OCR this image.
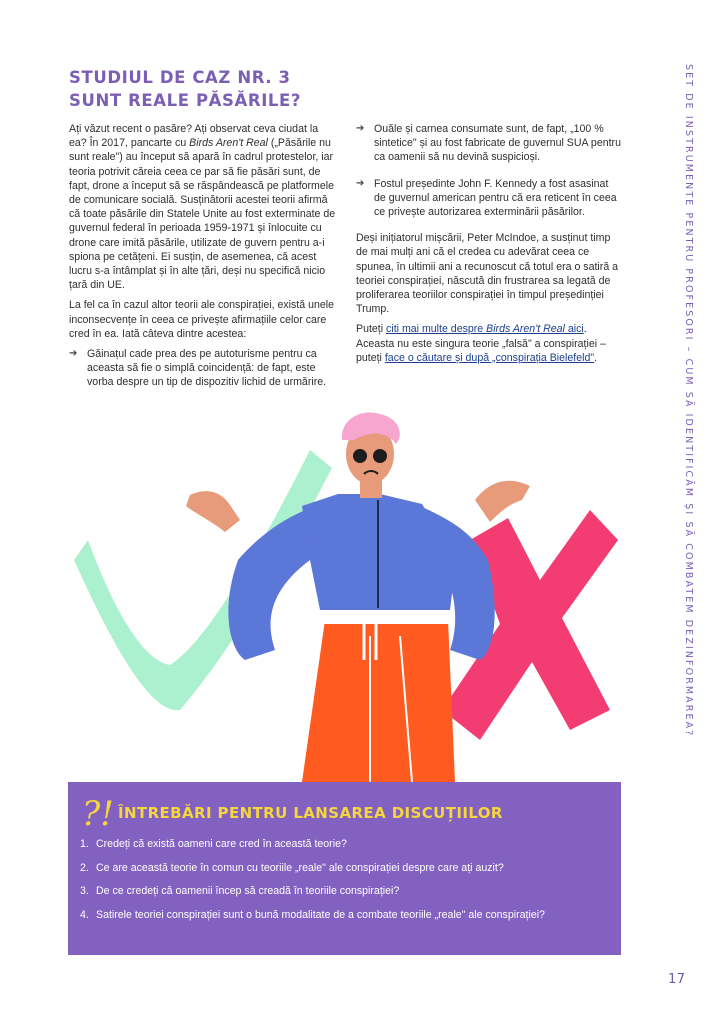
STUDIUL DE CAZ NR. 3
SUNT REALE PĂSĂRILE?

Ați văzut recent o pasăre? Ați observat ceva ciudat la ea? În 2017, pancarte cu Birds Aren't Real („Păsările nu sunt reale") au început să apară în cadrul protestelor, iar teoria potrivit căreia ceea ce par să fie păsări sunt, de fapt, drone a început să se răspândească pe platformele de comunicare socială. Susținătorii acestei teorii afirmă că toate păsările din Statele Unite au fost exterminate de guvernul federal în perioada 1959-1971 și înlocuite cu drone care imită păsările, utilizate de guvern pentru a-i spiona pe cetățeni. Ei susțin, de asemenea, că acest lucru s-a întâmplat și în alte țări, deși nu specifică nicio țară din UE.

La fel ca în cazul altor teorii ale conspirației, există unele inconsecvențe în ceea ce privește afirmațiile celor care cred în ea. Iată câteva dintre acestea:

➔ Găinațul cade prea des pe autoturisme pentru ca aceasta să fie o simplă coincidență: de fapt, este vorba despre un tip de dispozitiv lichid de urmărire.
➔ Ouăle și carnea consumate sunt, de fapt, „100 % sintetice" și au fost fabricate de guvernul SUA pentru ca oamenii să nu devină suspicioși.
➔ Fostul președinte John F. Kennedy a fost asasinat de guvernul american pentru că era reticent în ceea ce privește autorizarea exterminării păsărilor.

Deși inițiatorul mișcării, Peter McIndoe, a susținut timp de mai mulți ani că el credea cu adevărat ceea ce spunea, în ultimii ani a recunoscut că totul era o satiră a teoriei conspirației, născută din frustrarea sa legată de proliferarea teoriilor conspirației în timpul președinției Trump.

Puteți citi mai multe despre Birds Aren't Real aici. Aceasta nu este singura teorie „falsă" a conspirației – puteți face o căutare și după „conspirația Bielefeld".	SET DE INSTRUMENTE PENTRU PROFESORI – CUM SĂ IDENTIFICĂM ȘI SĂ COMBATEM DEZINFORMAREA?
?! ÎNTREBĂRI PENTRU LANSAREA DISCUȚIILOR
1. Credeți că există oameni care cred în această teorie?
2. Ce are această teorie în comun cu teoriile „reale" ale conspirației despre care ați auzit?
3. De ce credeți că oamenii încep să creadă în teoriile conspirației?
4. Satirele teoriei conspirației sunt o bună modalitate de a combate teoriile „reale" ale conspirației?
17
